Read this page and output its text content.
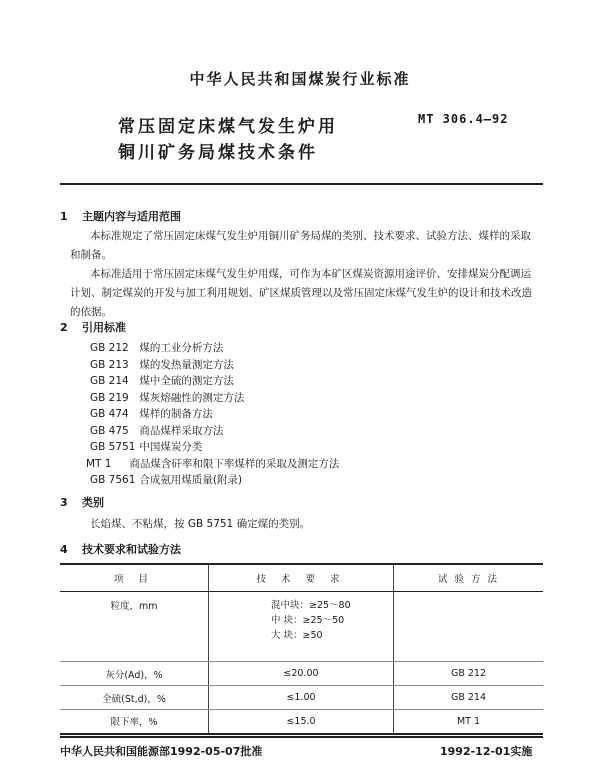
中华人民共和国煤炭行业标准
常压固定床煤气发生炉用
铜川矿务局煤技术条件
MT 306.4—92
1 主题内容与适用范围
本标准规定了常压固定床煤气发生炉用铜川矿务局煤的类别、技术要求、试验方法、煤样的采取和制备。
本标准适用于常压固定床煤气发生炉用煤，可作为本矿区煤炭资源用途评价、安排煤炭分配调运计划、制定煤炭的开发与加工利用规划、矿区煤质管理以及常压固定床煤气发生炉的设计和技术改造的依据。
2 引用标准
GB 212 煤的工业分析方法
GB 213 煤的发热量测定方法
GB 214 煤中全硫的测定方法
GB 219 煤灰熔融性的测定方法
GB 474 煤样的制备方法
GB 475 商品煤样采取方法
GB 5751 中国煤炭分类
MT 1 商品煤含矸率和限下率煤样的采取及测定方法
GB 7561 合成氨用煤质量(附录)
3 类别
长焰煤、不粘煤，按 GB 5751 确定煤的类别。
4 技术要求和试验方法
项 目	技 术 要 求	试 验 方 法
粒度，mm	混中块：≥25～80
中 块：≥25～50
大 块：≥50	

灰分(Ad)，%	≤20.00	GB 212
全硫(St,d)，%	≤1.00	GB 214
限下率，%	≤15.0	MT 1
中华人民共和国能源部1992-05-07批准	1992-12-01实施
